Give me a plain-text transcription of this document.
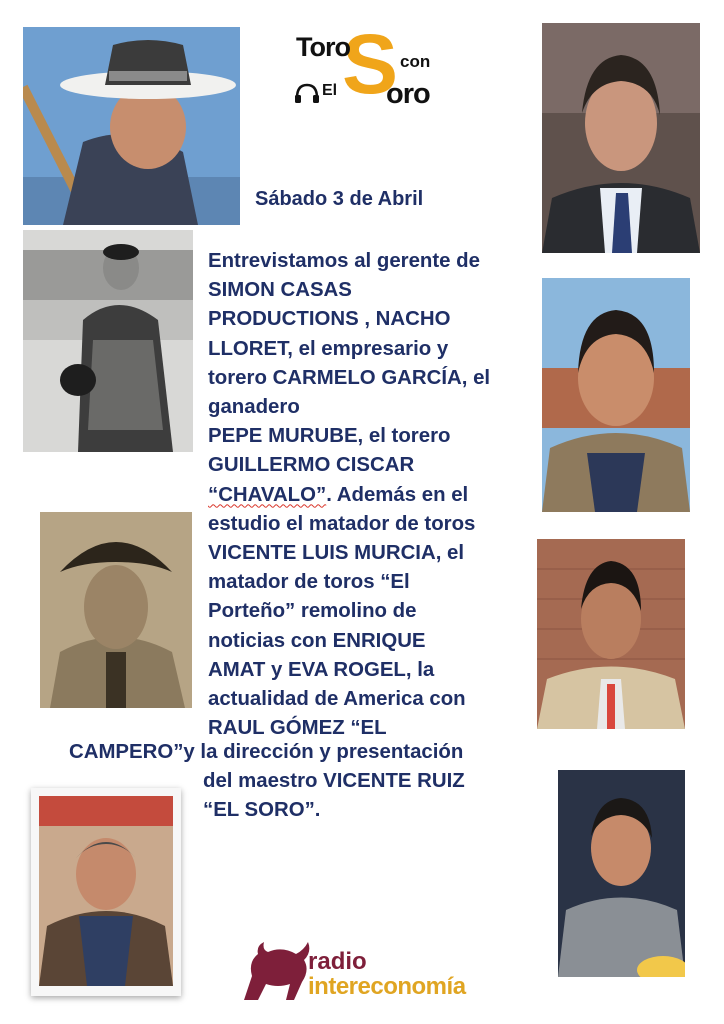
S
Toro	con
El oro
Sábado 3 de Abril
Entrevistamos al gerente de
SIMON CASAS
PRODUCTIONS , NACHO
LLORET, el empresario y
torero CARMELO GARCÍA, el
ganadero
PEPE MURUBE, el torero
GUILLERMO CISCAR
“CHAVALO”. Además en el
estudio el matador de toros
VICENTE LUIS MURCIA, el
matador de toros “El
Porteño” remolino de
noticias con ENRIQUE
AMAT y EVA ROGEL, la
actualidad de America con
RAUL GÓMEZ “EL
CAMPERO”y la dirección y presentación
del maestro VICENTE RUIZ
“EL SORO”.
radio
intereconomía
